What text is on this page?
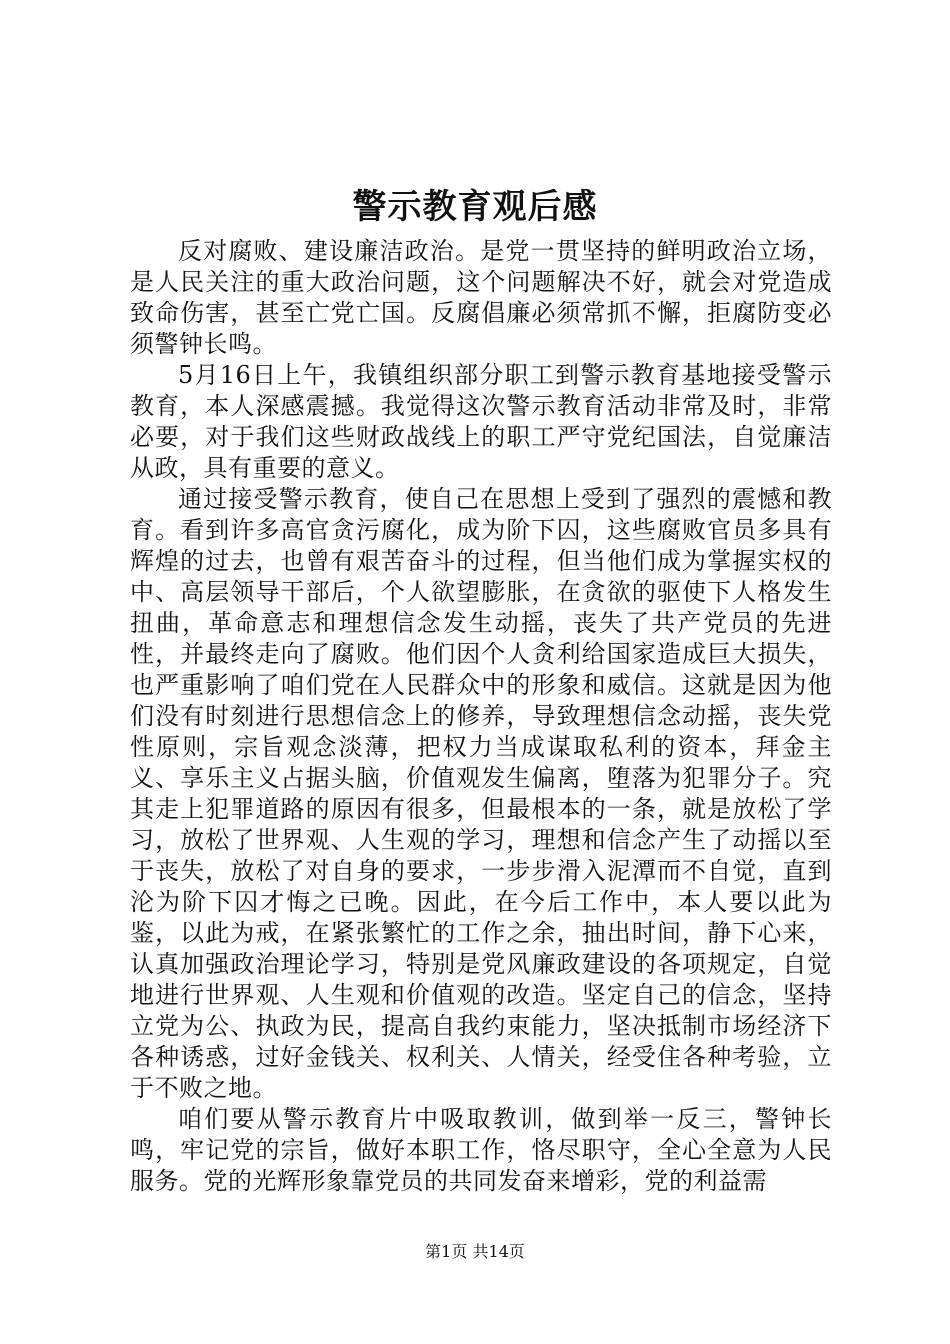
警示教育观后感

反对腐败、建设廉洁政治。是党一贯坚持的鲜明政治立场，是人民关注的重大政治问题，这个问题解决不好，就会对党造成致命伤害，甚至亡党亡国。反腐倡廉必须常抓不懈，拒腐防变必须警钟长鸣。

5月16日上午，我镇组织部分职工到警示教育基地接受警示教育，本人深感震撼。我觉得这次警示教育活动非常及时，非常必要，对于我们这些财政战线上的职工严守党纪国法，自觉廉洁从政，具有重要的意义。

通过接受警示教育，使自己在思想上受到了强烈的震憾和教育。看到许多高官贪污腐化，成为阶下囚，这些腐败官员多具有辉煌的过去，也曾有艰苦奋斗的过程，但当他们成为掌握实权的中、高层领导干部后，个人欲望膨胀，在贪欲的驱使下人格发生扭曲，革命意志和理想信念发生动摇，丧失了共产党员的先进性，并最终走向了腐败。他们因个人贪利给国家造成巨大损失，也严重影响了咱们党在人民群众中的形象和威信。这就是因为他们没有时刻进行思想信念上的修养，导致理想信念动摇，丧失党性原则，宗旨观念淡薄，把权力当成谋取私利的资本，拜金主义、享乐主义占据头脑，价值观发生偏离，堕落为犯罪分子。究其走上犯罪道路的原因有很多，但最根本的一条，就是放松了学习，放松了世界观、人生观的学习，理想和信念产生了动摇以至于丧失，放松了对自身的要求，一步步滑入泥潭而不自觉，直到沦为阶下囚才悔之已晚。因此，在今后工作中，本人要以此为鉴，以此为戒，在紧张繁忙的工作之余，抽出时间，静下心来，认真加强政治理论学习，特别是党风廉政建设的各项规定，自觉地进行世界观、人生观和价值观的改造。坚定自己的信念，坚持立党为公、执政为民，提高自我约束能力，坚决抵制市场经济下各种诱惑，过好金钱关、权利关、人情关，经受住各种考验，立于不败之地。

咱们要从警示教育片中吸取教训，做到举一反三，警钟长鸣，牢记党的宗旨，做好本职工作，恪尽职守，全心全意为人民服务。党的光辉形象靠党员的共同发奋来增彩，党的利益需

第1页 共14页
